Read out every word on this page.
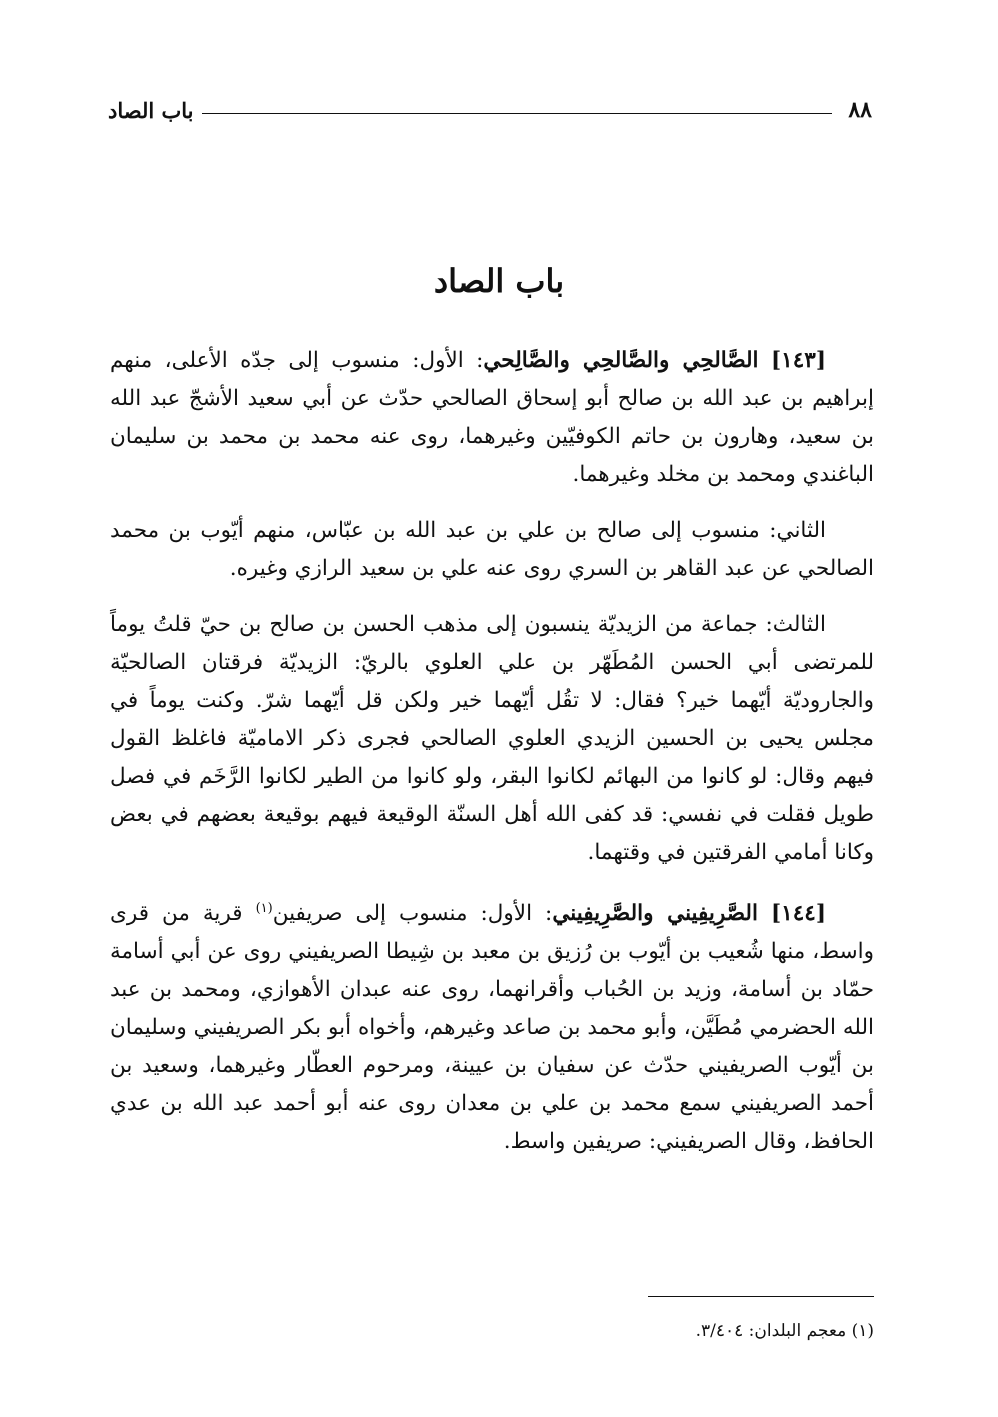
٨٨
باب الصاد
باب الصاد

[١٤٣] الصَّالحِي والصَّالحِي والصَّالِحي: الأول: منسوب إلى جدّه الأعلى، منهم إبراهيم بن عبد الله بن صالح أبو إسحاق الصالحي حدّث عن أبي سعيد الأشجّ عبد الله بن سعيد، وهارون بن حاتم الكوفيّين وغيرهما، روى عنه محمد بن محمد بن سليمان الباغندي ومحمد بن مخلد وغيرهما.

الثاني: منسوب إلى صالح بن علي بن عبد الله بن عبّاس، منهم أيّوب بن محمد الصالحي عن عبد القاهر بن السري روى عنه علي بن سعيد الرازي وغيره.

الثالث: جماعة من الزيديّة ينسبون إلى مذهب الحسن بن صالح بن حيّ قلتُ يوماً للمرتضى أبي الحسن المُطَهّر بن علي العلوي بالريّ: الزيديّة فرقتان الصالحيّة والجاروديّة أيّهما خير؟ فقال: لا تقُل أيّهما خير ولكن قل أيّهما شرّ. وكنت يوماً في مجلس يحيى بن الحسين الزيدي العلوي الصالحي فجرى ذكر الاماميّة فاغلظ القول فيهم وقال: لو كانوا من البهائم لكانوا البقر، ولو كانوا من الطير لكانوا الرَّخَم في فصل طويل فقلت في نفسي: قد كفى الله أهل السنّة الوقيعة فيهم بوقيعة بعضهم في بعض وكانا أمامي الفرقتين في وقتهما.

[١٤٤] الصَّرِيفِيني والصَّرِيفِيني: الأول: منسوب إلى صريفين$^{(١)}$ قرية من قرى واسط، منها شُعيب بن أيّوب بن رُزيق بن معبد بن شِيطا الصريفيني روى عن أبي أسامة حمّاد بن أسامة، وزيد بن الحُباب وأقرانهما، روى عنه عبدان الأهوازي، ومحمد بن عبد الله الحضرمي مُطَيَّن، وأبو محمد بن صاعد وغيرهم، وأخواه أبو بكر الصريفيني وسليمان بن أيّوب الصريفيني حدّث عن سفيان بن عيينة، ومرحوم العطّار وغيرهما، وسعيد بن أحمد الصريفيني سمع محمد بن علي بن معدان روى عنه أبو أحمد عبد الله بن عدي الحافظ، وقال الصريفيني: صريفين واسط.

(١) معجم البلدان: ٣/٤٠٤.
